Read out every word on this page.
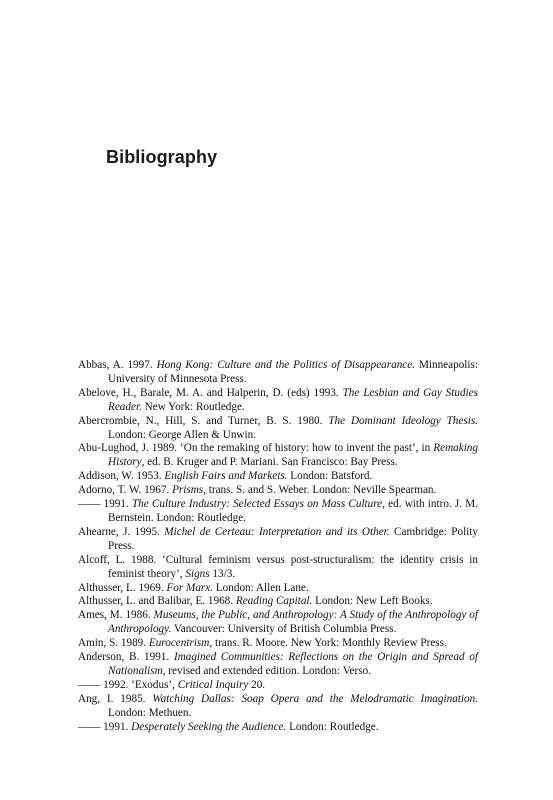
Bibliography
Abbas, A. 1997. Hong Kong: Culture and the Politics of Disappearance. Minneapolis: University of Minnesota Press.
Abelove, H., Barale, M. A. and Halperin, D. (eds) 1993. The Lesbian and Gay Studies Reader. New York: Routledge.
Abercrombie, N., Hill, S. and Turner, B. S. 1980. The Dominant Ideology Thesis. London: George Allen & Unwin.
Abu-Lughod, J. 1989. ‘On the remaking of history: how to invent the past’, in Remaking History, ed. B. Kruger and P. Mariani. San Francisco: Bay Press.
Addison, W. 1953. English Fairs and Markets. London: Batsford.
Adorno, T. W. 1967. Prisms, trans. S. and S. Weber. London: Neville Spearman.
—— 1991. The Culture Industry: Selected Essays on Mass Culture, ed. with intro. J. M. Bernstein. London: Routledge.
Ahearne, J. 1995. Michel de Certeau: Interpretation and its Other. Cambridge: Polity Press.
Alcoff, L. 1988. ‘Cultural feminism versus post-structuralism: the identity crisis in feminist theory’, Signs 13/3.
Althusser, L. 1969. For Marx. London: Allen Lane.
Althusser, L. and Balibar, E. 1968. Reading Capital. London: New Left Books.
Ames, M. 1986. Museums, the Public, and Anthropology: A Study of the Anthropology of Anthropology. Vancouver: University of British Columbia Press.
Amin, S. 1989. Eurocentrism, trans. R. Moore. New York: Monthly Review Press.
Anderson, B. 1991. Imagined Communities: Reflections on the Origin and Spread of Nationalism, revised and extended edition. London: Verso.
—— 1992. ‘Exodus’, Critical Inquiry 20.
Ang, I. 1985. Watching Dallas: Soap Opera and the Melodramatic Imagination. London: Methuen.
—— 1991. Desperately Seeking the Audience. London: Routledge.
